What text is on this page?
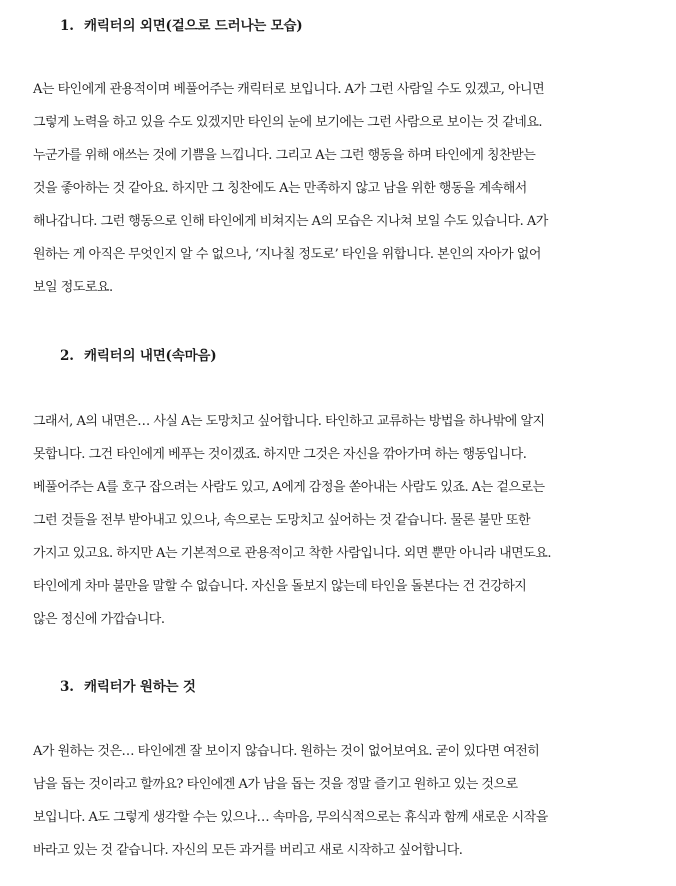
1. 캐릭터의 외면(겉으로 드러나는 모습)
A는 타인에게 관용적이며 베풀어주는 캐릭터로 보입니다. A가 그런 사람일 수도 있겠고, 아니면
그렇게 노력을 하고 있을 수도 있겠지만 타인의 눈에 보기에는 그런 사람으로 보이는 것 같네요.
누군가를 위해 애쓰는 것에 기쁨을 느낍니다. 그리고 A는 그런 행동을 하며 타인에게 칭찬받는
것을 좋아하는 것 같아요. 하지만 그 칭찬에도 A는 만족하지 않고 남을 위한 행동을 계속해서
해나갑니다. 그런 행동으로 인해 타인에게 비쳐지는 A의 모습은 지나쳐 보일 수도 있습니다. A가
원하는 게 아직은 무엇인지 알 수 없으나, ‘지나칠 정도로’ 타인을 위합니다. 본인의 자아가 없어
보일 정도로요.
2. 캐릭터의 내면(속마음)
그래서, A의 내면은… 사실 A는 도망치고 싶어합니다. 타인하고 교류하는 방법을 하나밖에 알지
못합니다. 그건 타인에게 베푸는 것이겠죠. 하지만 그것은 자신을 깎아가며 하는 행동입니다.
베풀어주는 A를 호구 잡으려는 사람도 있고, A에게 감정을 쏟아내는 사람도 있죠. A는 겉으로는
그런 것들을 전부 받아내고 있으나, 속으로는 도망치고 싶어하는 것 같습니다. 물론 불만 또한
가지고 있고요. 하지만 A는 기본적으로 관용적이고 착한 사람입니다. 외면 뿐만 아니라 내면도요.
타인에게 차마 불만을 말할 수 없습니다. 자신을 돌보지 않는데 타인을 돌본다는 건 건강하지
않은 정신에 가깝습니다.
3. 캐릭터가 원하는 것
A가 원하는 것은… 타인에겐 잘 보이지 않습니다. 원하는 것이 없어보여요. 굳이 있다면 여전히
남을 돕는 것이라고 할까요? 타인에겐 A가 남을 돕는 것을 정말 즐기고 원하고 있는 것으로
보입니다. A도 그렇게 생각할 수는 있으나… 속마음, 무의식적으로는 휴식과 함께 새로운 시작을
바라고 있는 것 같습니다. 자신의 모든 과거를 버리고 새로 시작하고 싶어합니다.
